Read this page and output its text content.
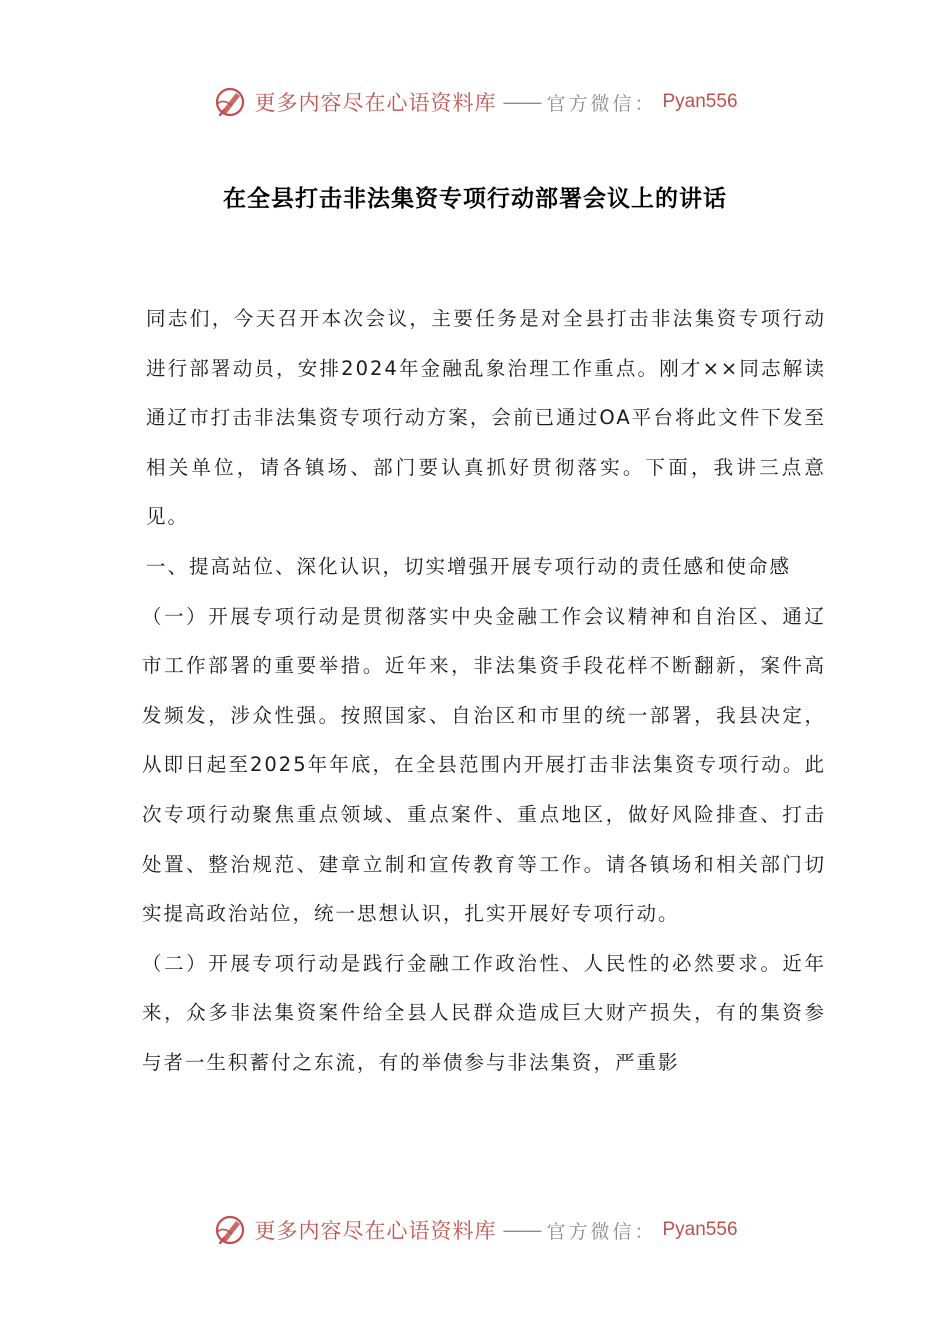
更多内容尽在心语资料库 —— 官方微信： Pyan556
在全县打击非法集资专项行动部署会议上的讲话

同志们，今天召开本次会议，主要任务是对全县打击非法集资专项行动进行部署动员，安排2024年金融乱象治理工作重点。刚才××同志解读通辽市打击非法集资专项行动方案，会前已通过OA平台将此文件下发至相关单位，请各镇场、部门要认真抓好贯彻落实。下面，我讲三点意见。

一、提高站位、深化认识，切实增强开展专项行动的责任感和使命感

（一）开展专项行动是贯彻落实中央金融工作会议精神和自治区、通辽市工作部署的重要举措。近年来，非法集资手段花样不断翻新，案件高发频发，涉众性强。按照国家、自治区和市里的统一部署，我县决定，从即日起至2025年年底，在全县范围内开展打击非法集资专项行动。此次专项行动聚焦重点领域、重点案件、重点地区，做好风险排查、打击处置、整治规范、建章立制和宣传教育等工作。请各镇场和相关部门切实提高政治站位，统一思想认识，扎实开展好专项行动。

（二）开展专项行动是践行金融工作政治性、人民性的必然要求。近年来，众多非法集资案件给全县人民群众造成巨大财产损失，有的集资参与者一生积蓄付之东流，有的举债参与非法集资，严重影

更多内容尽在心语资料库 —— 官方微信： Pyan556
